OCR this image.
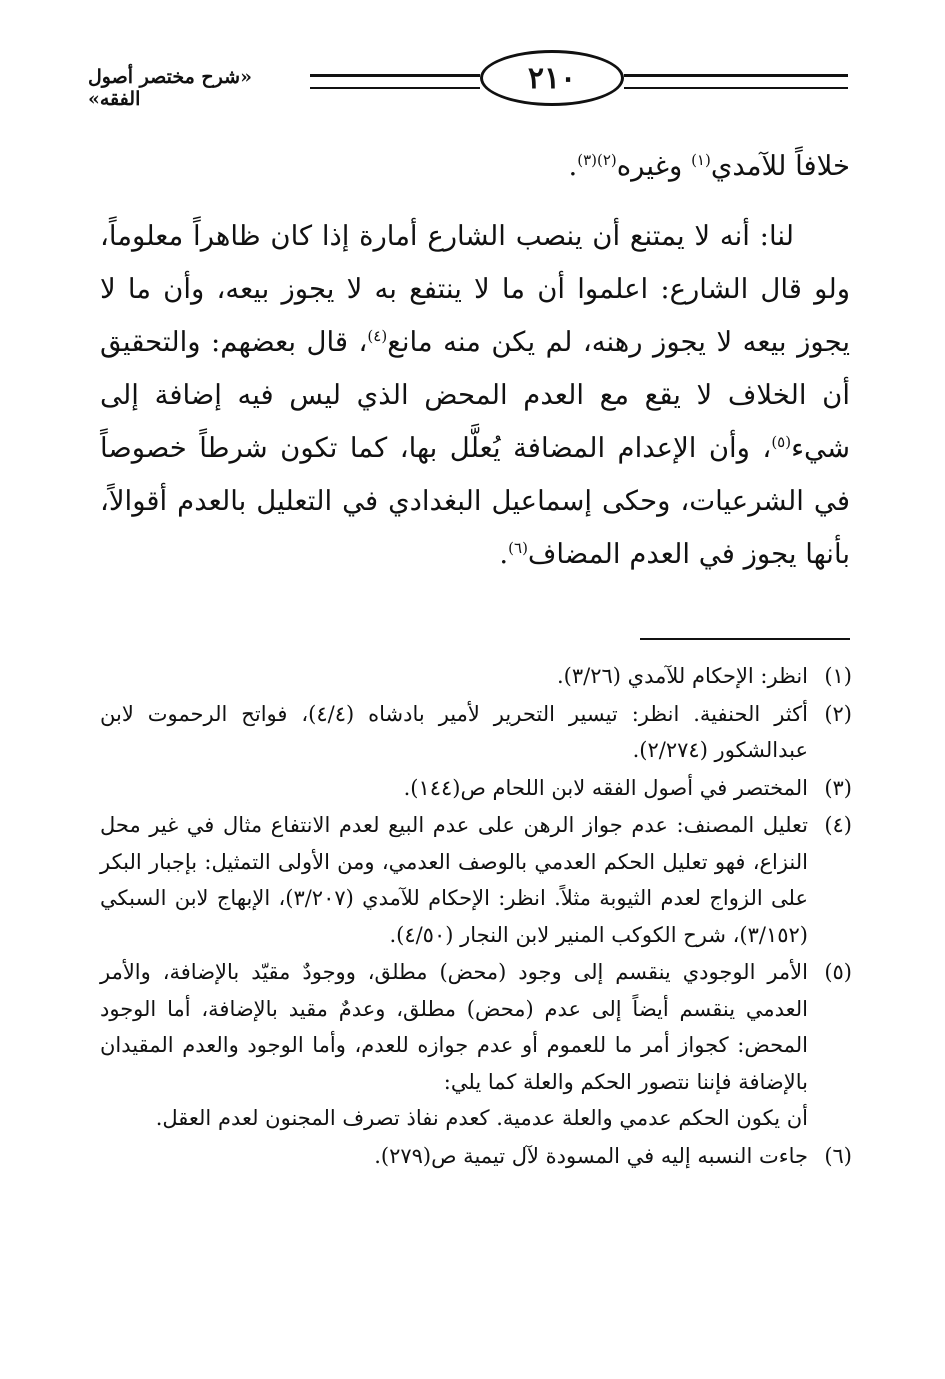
٢١٠
«شرح مختصر أصول الفقه»

خلافاً للآمدي$^{(١)}$ وغيره$^{(٢)(٣)}$.

لنا: أنه لا يمتنع أن ينصب الشارع أمارة إذا كان ظاهراً معلوماً، ولو قال الشارع: اعلموا أن ما لا ينتفع به لا يجوز بيعه، وأن ما لا يجوز بيعه لا يجوز رهنه، لم يكن منه مانع$^{(٤)}$، قال بعضهم: والتحقيق أن الخلاف لا يقع مع العدم المحض الذي ليس فيه إضافة إلى شيء$^{(٥)}$، وأن الإعدام المضافة يُعلَّل بها، كما تكون شرطاً خصوصاً في الشرعيات، وحكى إسماعيل البغدادي في التعليل بالعدم أقوالاً، بأنها يجوز في العدم المضاف$^{(٦)}$.

(١)

انظر: الإحكام للآمدي (٣/٢٦).

(٢)

أكثر الحنفية. انظر: تيسير التحرير لأمير بادشاه (٤/٤)، فواتح الرحموت لابن عبدالشكور (٢/٢٧٤).

(٣)

المختصر في أصول الفقه لابن اللحام ص(١٤٤).

(٤)

تعليل المصنف: عدم جواز الرهن على عدم البيع لعدم الانتفاع مثال في غير محل النزاع، فهو تعليل الحكم العدمي بالوصف العدمي، ومن الأولى التمثيل: بإجبار البكر على الزواج لعدم الثيوبة مثلاً. انظر: الإحكام للآمدي (٣/٢٠٧)، الإبهاج لابن السبكي (٣/١٥٢)، شرح الكوكب المنير لابن النجار (٤/٥٠).

(٥)

الأمر الوجودي ينقسم إلى وجود (محض) مطلق، ووجودٌ مقيّد بالإضافة، والأمر العدمي ينقسم أيضاً إلى عدم (محض) مطلق، وعدمٌ مقيد بالإضافة، أما الوجود المحض: كجواز أمر ما للعموم أو عدم جوازه للعدم، وأما الوجود والعدم المقيدان بالإضافة فإننا نتصور الحكم والعلة كما يلي:

أن يكون الحكم عدمي والعلة عدمية. كعدم نفاذ تصرف المجنون لعدم العقل.

(٦)

جاءت النسبه إليه في المسودة لآل تيمية ص(٢٧٩).
